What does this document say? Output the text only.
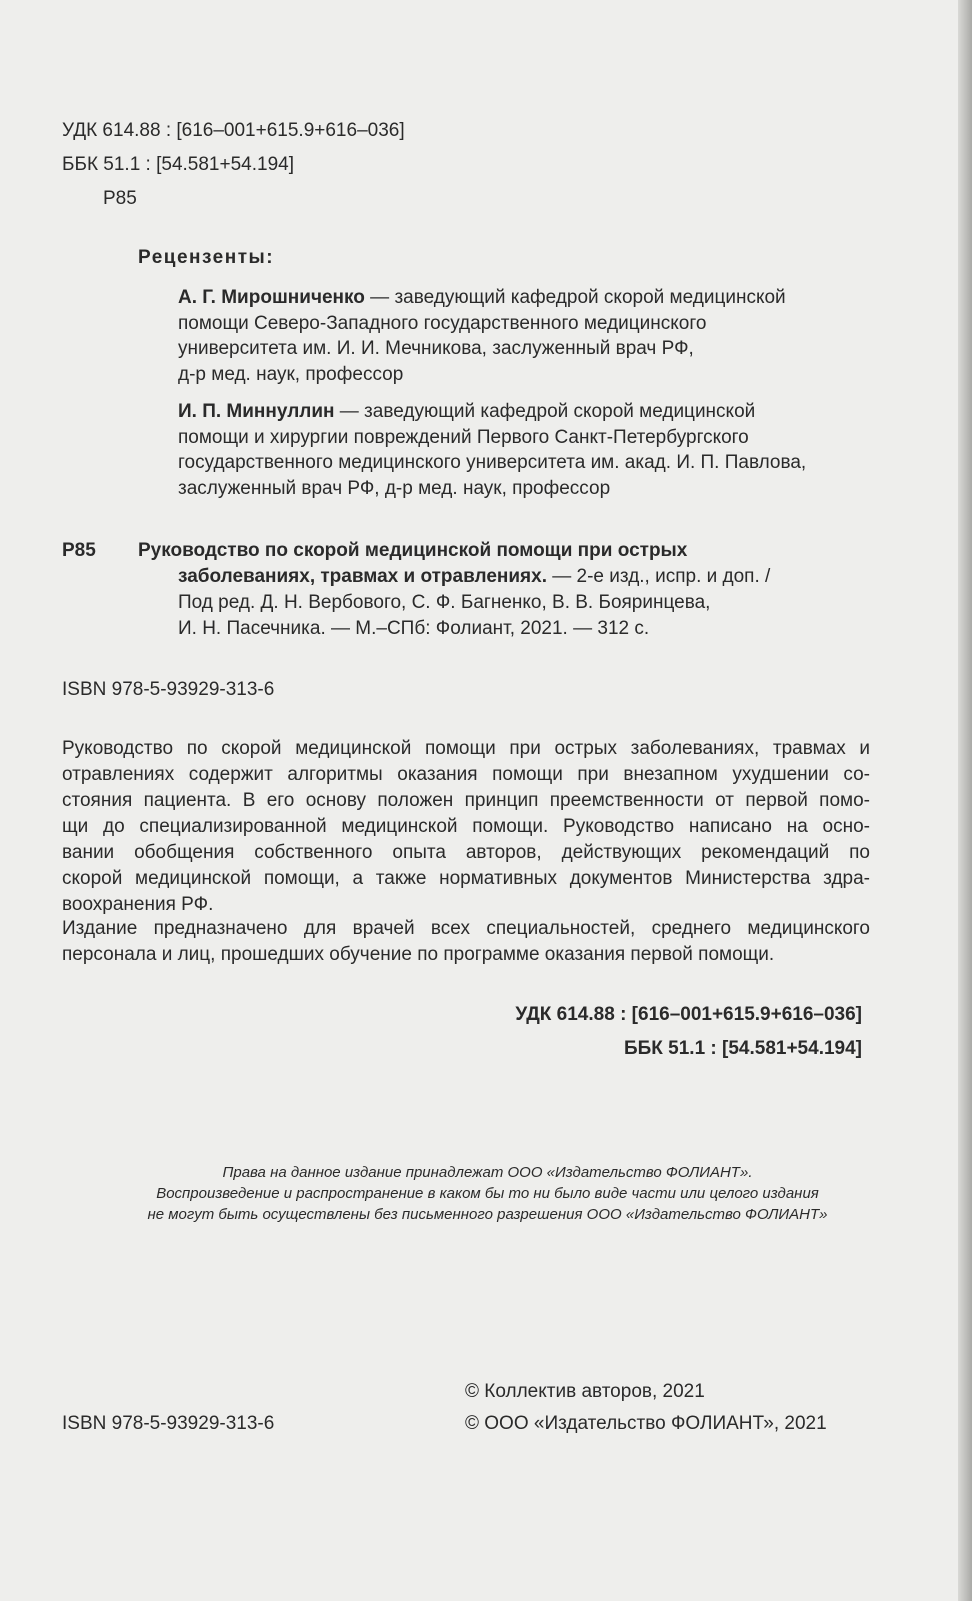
УДК 614.88 : [616–001+615.9+616–036]

ББК 51.1 : [54.581+54.194]

Р85

Рецензенты:

А. Г. Мирошниченко — заведующий кафедрой скорой медицинской

помощи Северо-Западного государственного медицинского

университета им. И. И. Мечникова, заслуженный врач РФ,

д-р мед. наук, профессор

И. П. Миннуллин — заведующий кафедрой скорой медицинской

помощи и хирургии повреждений Первого Санкт-Петербургского

государственного медицинского университета им. акад. И. П. Павлова,

заслуженный врач РФ, д-р мед. наук, профессор

Р85 Руководство по скорой медицинской помощи при острых

заболеваниях, травмах и отравлениях. — 2-е изд., испр. и доп. /

Под ред. Д. Н. Вербового, С. Ф. Багненко, В. В. Бояринцева,

И. Н. Пасечника. — М.–СПб: Фолиант, 2021. — 312 с.

ISBN 978-5-93929-313-6

Руководство по скорой медицинской помощи при острых заболеваниях, травмах и

отравлениях содержит алгоритмы оказания помощи при внезапном ухудшении со-

стояния пациента. В его основу положен принцип преемственности от первой помо-

щи до специализированной медицинской помощи. Руководство написано на осно-

вании обобщения собственного опыта авторов, действующих рекомендаций по

скорой медицинской помощи, а также нормативных документов Министерства здра-

воохранения РФ.

Издание предназначено для врачей всех специальностей, среднего медицинского

персонала и лиц, прошедших обучение по программе оказания первой помощи.

УДК 614.88 : [616–001+615.9+616–036]

ББК 51.1 : [54.581+54.194]

Права на данное издание принадлежат ООО «Издательство ФОЛИАНТ».

Воспроизведение и распространение в каком бы то ни было виде части или целого издания

не могут быть осуществлены без письменного разрешения ООО «Издательство ФОЛИАНТ»

ISBN 978-5-93929-313-6

© Коллектив авторов, 2021

© ООО «Издательство ФОЛИАНТ», 2021
